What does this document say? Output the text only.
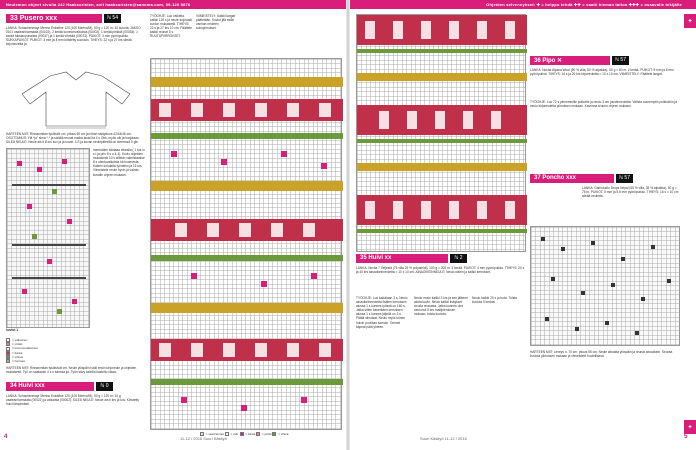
Neulemon ohjeet sivulla 242 Haaksoristen, avit haaksoristen@sanoma.com, 09-120 5876	Ohjeiden selvennykset: ✚ = helppo tehdä ✚✚ = vaatii hieman taitoa ✚✚✚ = osaavalle tekijälle
33 Pusero xxx	ℕ 54
LANKA: Schachenmayr Merino Extrafine 120 (100 Merino/M), 50 g = 120 m: 10 koloria; JAKSO 0101 vaaleanharmaala (00022), 2 kerää luonnonvalkoista (00002), 1 kerää pinkkiä (00035). 1 kerää fuksianpunaista (00037) ja 1 kerää vihreää (00073). PUIKOT: 3 mm pyöröpuikko. SUKKAPUIKOT. PUIKOT: 3 mm ja 4 mm kiristetty suoraan. TIHEYS: 22 s ja 27 krs sileää kirjoneuletta ja.
HARTEEN MIIT: Rinnanmitan tyköistöt cm, pituus 60 cm ja hihan sisäpituus 42/44/46 cm. OSOTTAMUS: Ylä *ja" sima *-* ja sisältä reunat maiha lavat Ita 4 s Obs, myös oik ja harjotaan. SILEÄ NEULE: Neule ais ti 8 krs kuv ja ja kuvat. 4.S ja kuvan neulepiiteellä on kierressä 0 gle.
mentoiden toistaaa oikealla ( 1 krs lo s t ja prin 8 s o 4-4). Kuvio ohjeiden mukaisesti 10 s sillekin valmistaakse 8 s olentovalkoista kä huamesta. Kaiken kohdalta työnteko ja 15 krs. Viimeistele neule hyvin ja valmis kuvaile ohjeen mukaan.
kuviot 1
= valkoinen
= pinkki
= luonnonvalkoinen
= fuksia
= vihreä
= harmaa
HARTEEN MIIT: Rinnanmitan tyköisivät cm. Neule ylöspäin halki ensin kirjoneule ja ohjeiden mukaisesti. Työ on saatavan 4 s n kanssa joi. Työn sävy kaikilla kasteltu vikaa.
34 Huivi xxx	ℕ 0
LANKA: Schachenmayr Merino Extrafine 120 (100 Merino/M), 50 g = 120 m: 10 g vaaleanharmaata (00022) ja valkoista (00002). SILEÄ NEULE: Neule ais ti krs ja kuv. Kiristetty huivi lämpimästi.
TYÖOHJE: Luo vaikeita kaikki 120 s ja neule sujuvasti kuvion mukaisesti. TIHEYS: 22 s ja 27 krs 10 cm. Päättele kaikki reunat 5 s. RUUTUPIIRROKSET
VIIMEISTELY: Kaikki langat päätetään. Kuviot jää esille vanhan neuleen sukupiirrokset.
= vaal.harmaa = valk. = fuksia = pinkki = vihreä
4	11-12 / 2016 Suuri Käsityö
35 Huivi xx	ℕ 2
LANKA: Novita 7 Veljestä (75 villa 25 % polyamidi), 100 g = 200 m: 3 kerää. PUIKOT: 4 mm pyöröpuikko. TIHEYS: 20 s ja 40 krs ainaoikeinneuletta = 10 x 10 cm. AINAOIKEINNEULE: Neulo oikein ja kaikki kerrokset.
TYÖOHJE: Luo kaikkiaan 3 s. Neulo ainaoikeinneuletta lisäten kerroksen alussa 1 s kunnes työssä on 160 s. Jatka sitten kaventaen kerroksen alussa 1 s kunnes jäljellä on 3 s. Päätä silmukat. Neulo myös toinen huivin puolikas samoin. Ommel kapeat päät yhteen.
Neulo ensin kaikki 3 krs ja sen jälkeen aloita kuvio. Neulo kaikki lisäykset sivulla reunasta. Jatka kunnes olet neulonut 5 krs mallipiirroksen mukaan, toista kuviota.
Neulo kaikki 20 s ja huivi. Toista kuviota 5 kertaa.
36 Pipo ✕	ℕ 57
LANKA: Novita Alpaca Wool (50 % villa, 50 % alpakka), 50 g = 60 m: 2 kerää. PUIKOT: 5 mm ja 6 mm pyöröpuikot. TIHEYS: 14 s ja 20 krs kirjoneuletta = 10 x 10 cm. VIIMEISTELY: Päättele langat.
TYÖOHJE: Luo 72 s pienemmille puikoille ja neulo 3 cm joustinneuletta. Vaihda suurempiin puikkoihin ja neulo kirjoneuletta piirroksen mukaan. Kavenna kruunu ohjeen mukaan.
37 Poncho xxx	ℕ 57
LANKA: Garnstudio Drops Nepal (65 % villa, 35 % alpakka), 50 g = 75 m. PUIKOT: 5 mm ja 5,5 mm pyöröpuikko. TIHEYS: 16 s = 10 cm sileää neuletta.
HARTEEN MIIT: Leveys n. 70 cm, pituus 55 cm. Neule alhaalta ylöspäin ja reunat ainaoikein. Seuraa kuviota piirroksen mukaan ja viimeistele huolellisesti.
✚
✚
Suuri Käsityö 11-12 / 2016	5
